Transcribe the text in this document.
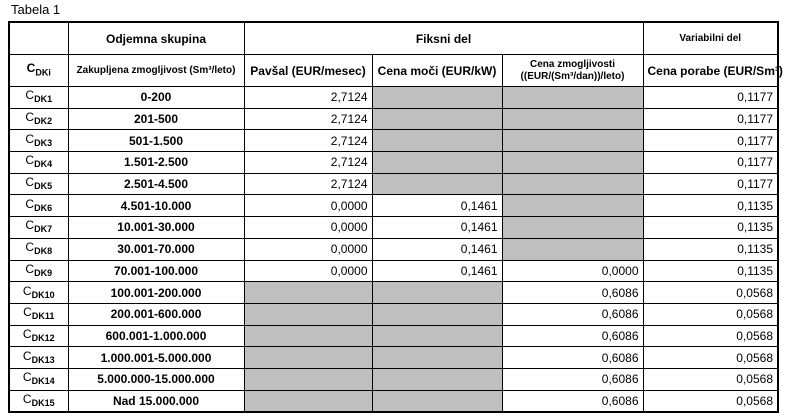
Tabela 1
	Odjemna skupina	Fiksni del			Variabilni del
$C_{DKi}$	Zakupljena zmogljivost (Sm³/leto)	Pavšal (EUR/mesec)	Cena moči (EUR/kW)	Cena zmogljivosti ((EUR/(Sm³/dan))/leto)	Cena porabe (EUR/Sm³)
$C_{DK1}$	0-200	2,7124			0,1177
$C_{DK2}$	201-500	2,7124			0,1177
$C_{DK3}$	501-1.500	2,7124			0,1177
$C_{DK4}$	1.501-2.500	2,7124			0,1177
$C_{DK5}$	2.501-4.500	2,7124			0,1177
$C_{DK6}$	4.501-10.000	0,0000	0,1461		0,1135
$C_{DK7}$	10.001-30.000	0,0000	0,1461		0,1135
$C_{DK8}$	30.001-70.000	0,0000	0,1461		0,1135
$C_{DK9}$	70.001-100.000	0,0000	0,1461	0,0000	0,1135
$C_{DK10}$	100.001-200.000			0,6086	0,0568
$C_{DK11}$	200.001-600.000			0,6086	0,0568
$C_{DK12}$	600.001-1.000.000			0,6086	0,0568
$C_{DK13}$	1.000.001-5.000.000			0,6086	0,0568
$C_{DK14}$	5.000.000-15.000.000			0,6086	0,0568
$C_{DK15}$	Nad 15.000.000			0,6086	0,0568
